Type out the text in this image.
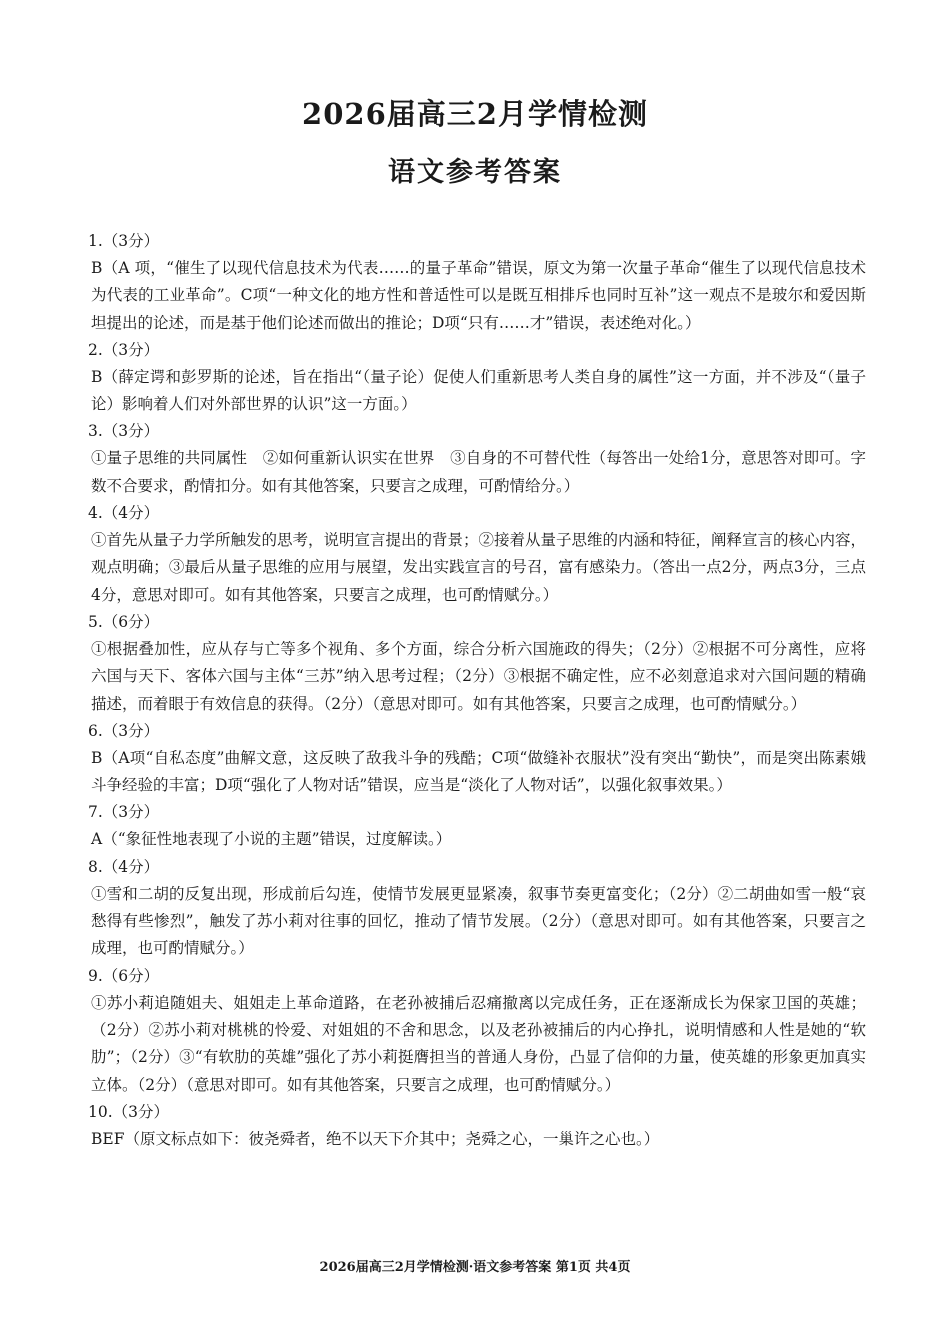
2026届高三2月学情检测
语文参考答案
1.（3分）
B（A 项，“催生了以现代信息技术为代表……的量子革命”错误，原文为第一次量子革命“催生了以现代信息技术为代表的工业革命”。C项“一种文化的地方性和普适性可以是既互相排斥也同时互补”这一观点不是玻尔和爱因斯坦提出的论述，而是基于他们论述而做出的推论；D项“只有……才”错误，表述绝对化。）
2.（3分）
B（薛定谔和彭罗斯的论述，旨在指出“（量子论）促使人们重新思考人类自身的属性”这一方面，并不涉及“（量子论）影响着人们对外部世界的认识”这一方面。）
3.（3分）
①量子思维的共同属性　②如何重新认识实在世界　③自身的不可替代性（每答出一处给1分，意思答对即可。字数不合要求，酌情扣分。如有其他答案，只要言之成理，可酌情给分。）
4.（4分）
①首先从量子力学所触发的思考，说明宣言提出的背景；②接着从量子思维的内涵和特征，阐释宣言的核心内容，观点明确；③最后从量子思维的应用与展望，发出实践宣言的号召，富有感染力。（答出一点2分，两点3分，三点4分，意思对即可。如有其他答案，只要言之成理，也可酌情赋分。）
5.（6分）
①根据叠加性，应从存与亡等多个视角、多个方面，综合分析六国施政的得失；（2分）②根据不可分离性，应将六国与天下、客体六国与主体“三苏”纳入思考过程；（2分）③根据不确定性，应不必刻意追求对六国问题的精确描述，而着眼于有效信息的获得。（2分）（意思对即可。如有其他答案，只要言之成理，也可酌情赋分。）
6.（3分）
B（A项“自私态度”曲解文意，这反映了敌我斗争的残酷；C项“做缝补衣服状”没有突出“勤快”，而是突出陈素娥斗争经验的丰富；D项“强化了人物对话”错误，应当是“淡化了人物对话”，以强化叙事效果。）
7.（3分）
A（“象征性地表现了小说的主题”错误，过度解读。）
8.（4分）
①雪和二胡的反复出现，形成前后勾连，使情节发展更显紧凑，叙事节奏更富变化；（2分）②二胡曲如雪一般“哀愁得有些惨烈”，触发了苏小莉对往事的回忆，推动了情节发展。（2分）（意思对即可。如有其他答案，只要言之成理，也可酌情赋分。）
9.（6分）
①苏小莉追随姐夫、姐姐走上革命道路，在老孙被捕后忍痛撤离以完成任务，正在逐渐成长为保家卫国的英雄；（2分）②苏小莉对桃桃的怜爱、对姐姐的不舍和思念，以及老孙被捕后的内心挣扎，说明情感和人性是她的“软肋”；（2分）③“有软肋的英雄”强化了苏小莉挺膺担当的普通人身份，凸显了信仰的力量，使英雄的形象更加真实立体。（2分）（意思对即可。如有其他答案，只要言之成理，也可酌情赋分。）
10.（3分）
BEF（原文标点如下：彼尧舜者，绝不以天下介其中；尧舜之心，一巢许之心也。）
2026届高三2月学情检测·语文参考答案 第1页 共4页
